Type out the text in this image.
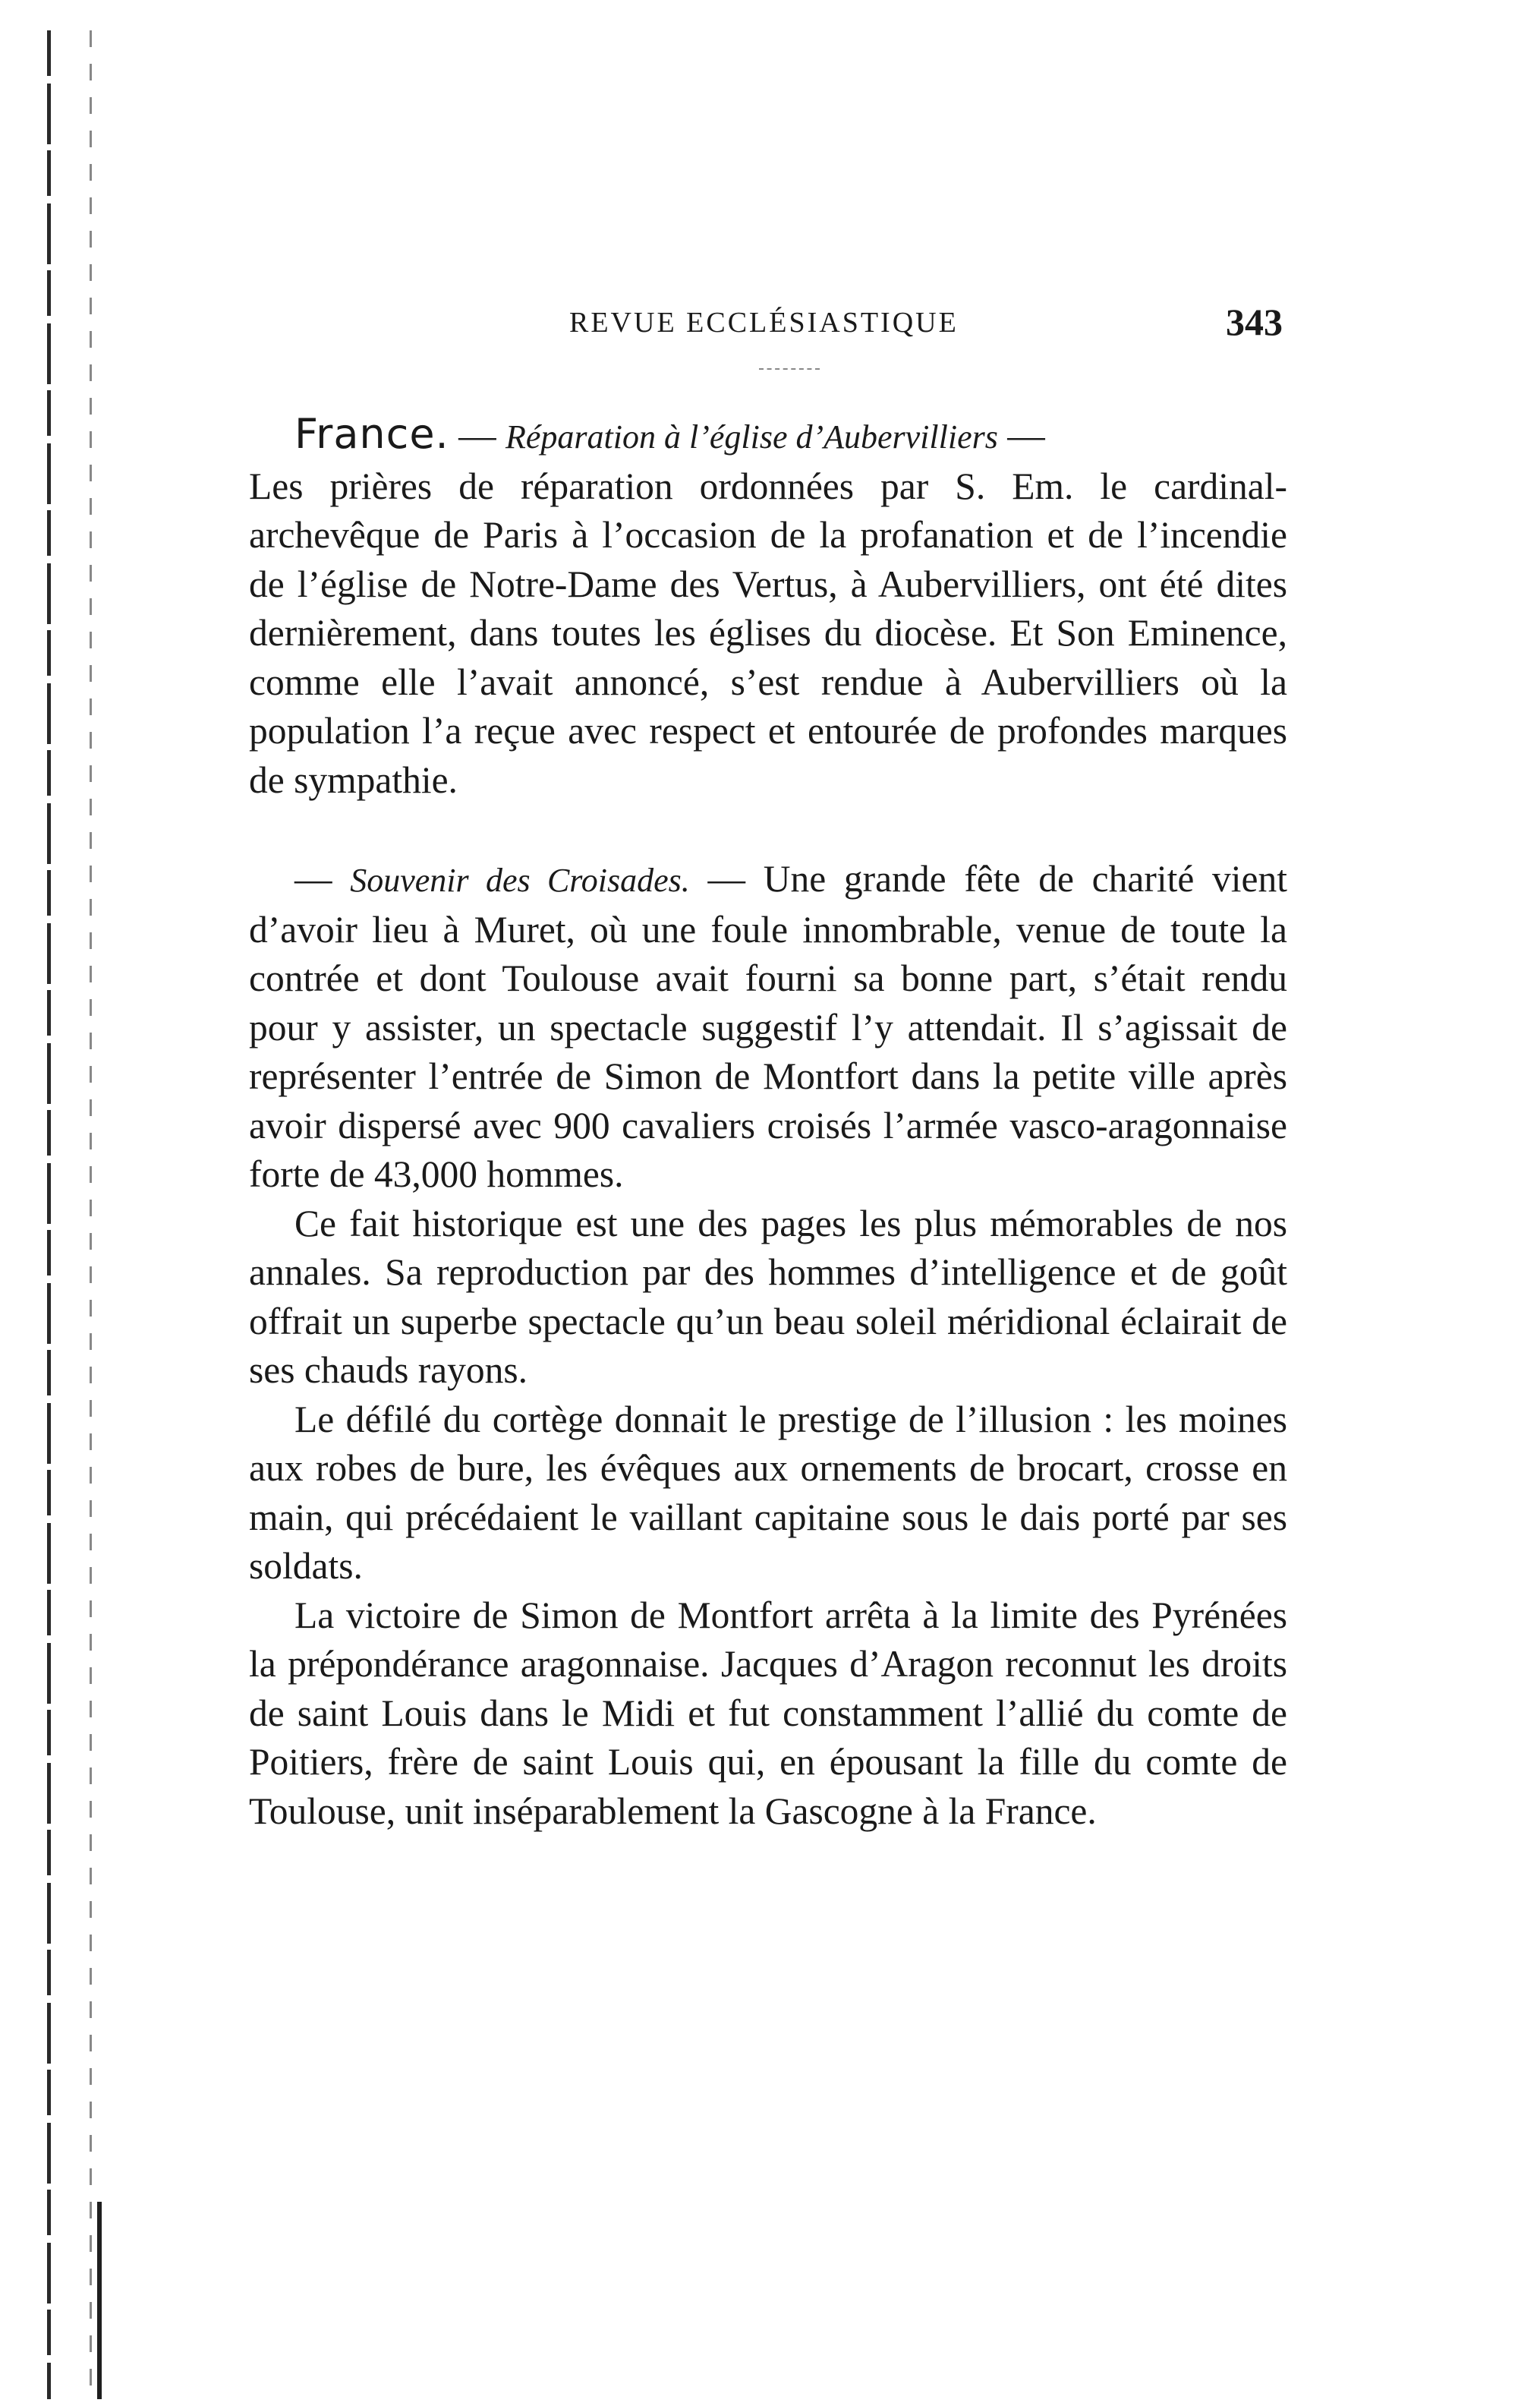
REVUE ECCLÉSIASTIQUE	343

France. — Réparation à l’église d’Aubervilliers —
Les prières de réparation ordonnées par S. Em. le cardinal-archevêque de Paris à l’occasion de la profanation et de l’incendie de l’église de Notre-Dame des Vertus, à Aubervilliers, ont été dites dernièrement, dans toutes les églises du diocèse. Et Son Eminence, comme elle l’avait annoncé, s’est rendue à Aubervilliers où la population l’a reçue avec respect et entourée de profondes marques de sympathie.

— Souvenir des Croisades. — Une grande fête de charité vient d’avoir lieu à Muret, où une foule innombrable, venue de toute la contrée et dont Toulouse avait fourni sa bonne part, s’était rendu pour y assister, un spectacle suggestif l’y attendait. Il s’agissait de représenter l’entrée de Simon de Montfort dans la petite ville après avoir dispersé avec 900 cavaliers croisés l’armée vasco-aragonnaise forte de 43,000 hommes.

Ce fait historique est une des pages les plus mémorables de nos annales. Sa reproduction par des hommes d’intelligence et de goût offrait un superbe spectacle qu’un beau soleil méridional éclairait de ses chauds rayons.

Le défilé du cortège donnait le prestige de l’illusion : les moines aux robes de bure, les évêques aux ornements de brocart, crosse en main, qui précédaient le vaillant capitaine sous le dais porté par ses soldats.

La victoire de Simon de Montfort arrêta à la limite des Pyrénées la prépondérance aragonnaise. Jacques d’Aragon reconnut les droits de saint Louis dans le Midi et fut constamment l’allié du comte de Poitiers, frère de saint Louis qui, en épousant la fille du comte de Toulouse, unit inséparablement la Gascogne à la France.
